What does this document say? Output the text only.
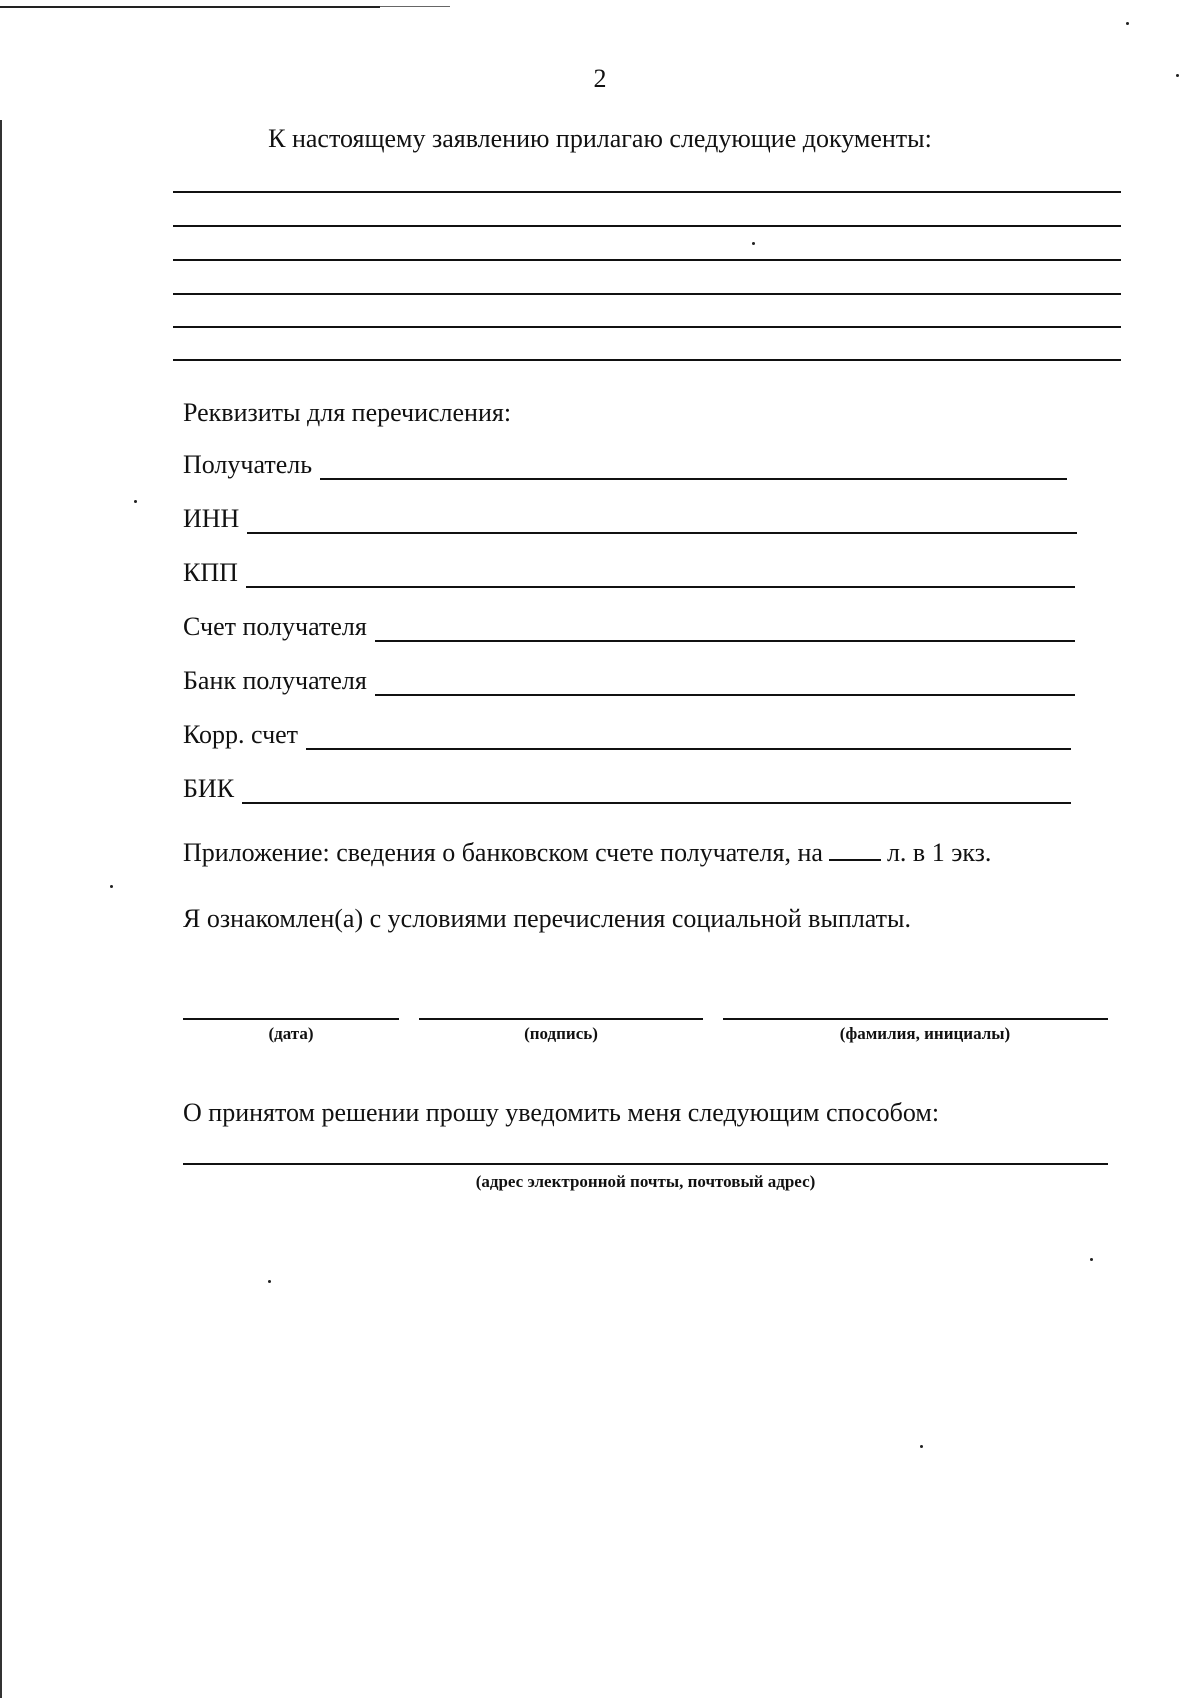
2
К настоящему заявлению прилагаю следующие документы:
Реквизиты для перечисления:
Получатель
ИНН
КПП
Счет получателя
Банк получателя
Корр. счет
БИК
Приложение: сведения о банковском счете получателя, на л. в 1 экз.
Я ознакомлен(а) с условиями перечисления социальной выплаты.
(дата)	(подпись)	(фамилия, инициалы)
О принятом решении прошу уведомить меня следующим способом:
(адрес электронной почты, почтовый адрес)
